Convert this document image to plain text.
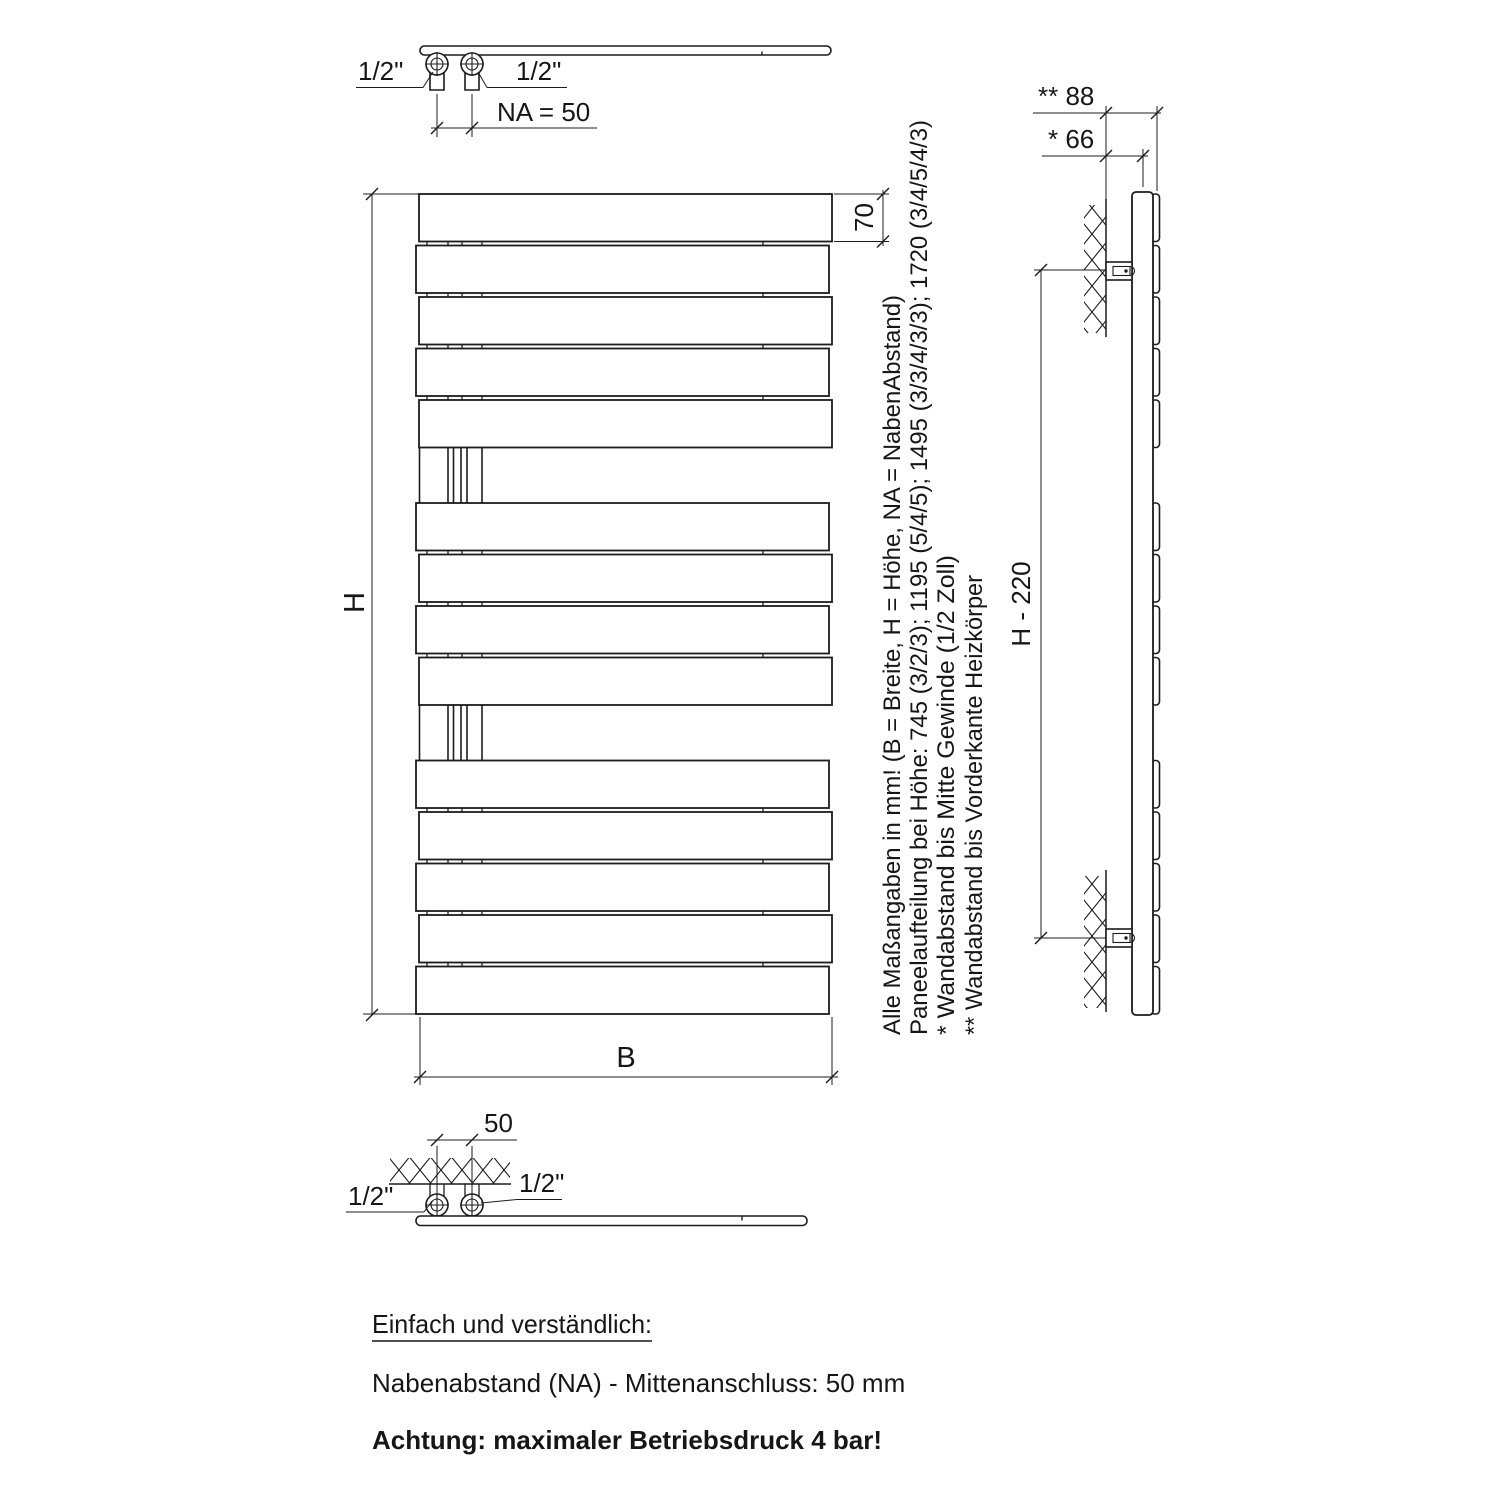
1/2"	1/2"
NA = 50
H
B
70
Alle Maßangaben in mm! (B = Breite, H = Höhe, NA = NabenAbstand) Paneelaufteilung bei Höhe: 745 (3/2/3); 1195 (5/4/5); 1495 (3/3/4/3/3); 1720 (3/4/5/4/3) * Wandabstand bis Mitte Gewinde (1/2 Zoll) ** Wandabstand bis Vorderkante Heizkörper H - 220
** 88
* 66
50
1/2"	1/2"
Einfach und verständlich:
Nabenabstand (NA) - Mittenanschluss: 50 mm
Achtung: maximaler Betriebsdruck 4 bar!
